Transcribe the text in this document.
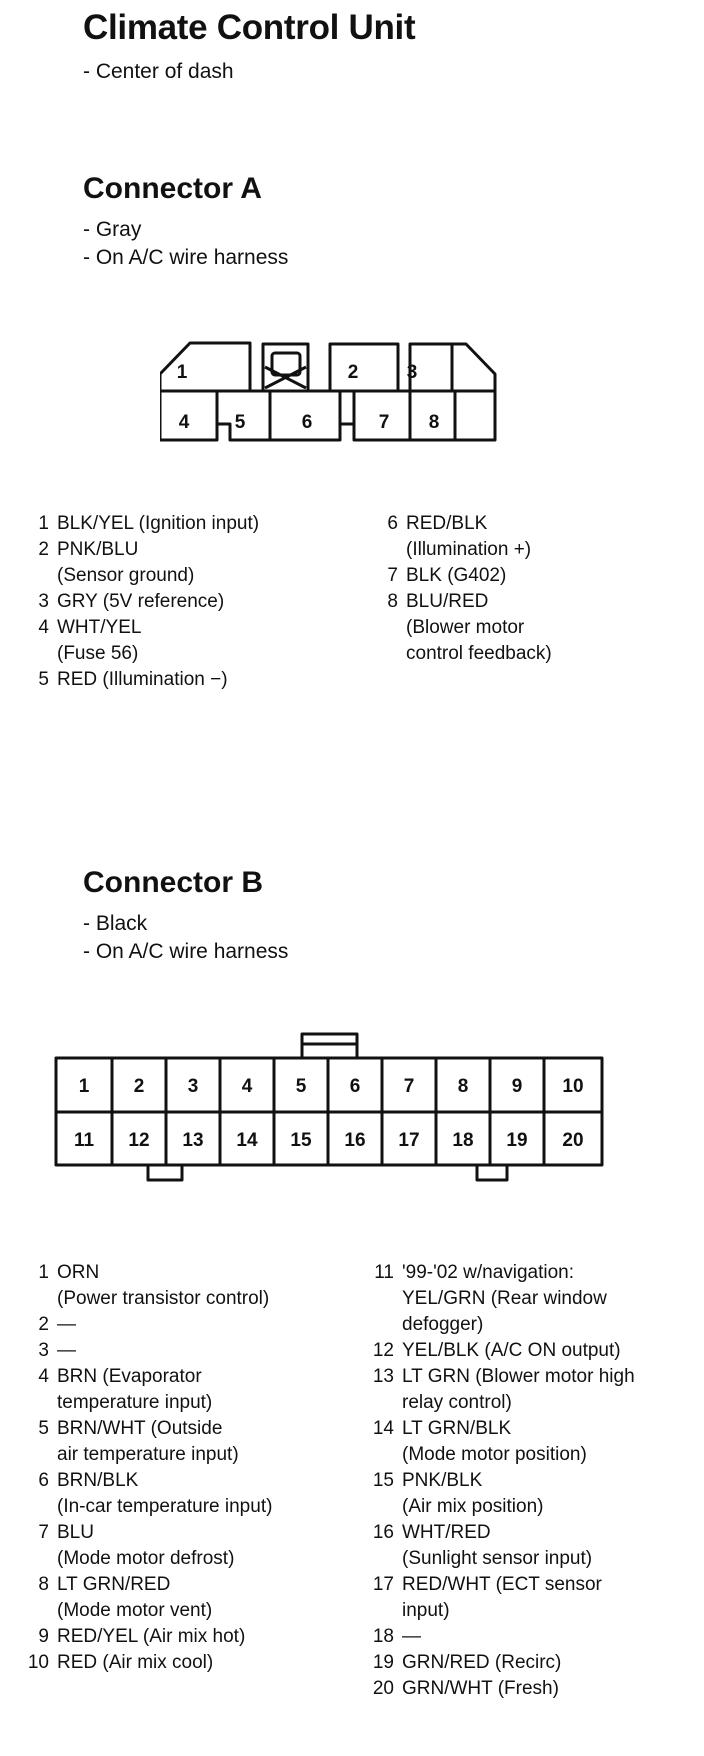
Climate Control Unit
- Center of dash
Connector A
- Gray
- On A/C wire harness
1	2	3
4 5	6	7 8
1 BLK/YEL (Ignition input)
2 PNK/BLU
(Sensor ground)
3 GRY (5V reference)
4 WHT/YEL
(Fuse 56)
5 RED (Illumination −)
6 RED/BLK
(Illumination +)
7 BLK (G402)
8 BLU/RED
(Blower motor
control feedback)
Connector B
- Black
- On A/C wire harness
1 2 3 4 5 6 7 8 9 10
11 12 13 14 15 16 17 18 19 20
1 ORN
(Power transistor control)
2 —
3 —
4 BRN (Evaporator
temperature input)
5 BRN/WHT (Outside
air temperature input)
6 BRN/BLK
(In-car temperature input)
7 BLU
(Mode motor defrost)
8 LT GRN/RED
(Mode motor vent)
9 RED/YEL (Air mix hot)
10 RED (Air mix cool)
11 '99-'02 w/navigation:
YEL/GRN (Rear window
defogger)
12 YEL/BLK (A/C ON output)
13 LT GRN (Blower motor high
relay control)
14 LT GRN/BLK
(Mode motor position)
15 PNK/BLK
(Air mix position)
16 WHT/RED
(Sunlight sensor input)
17 RED/WHT (ECT sensor
input)
18 —
19 GRN/RED (Recirc)
20 GRN/WHT (Fresh)
